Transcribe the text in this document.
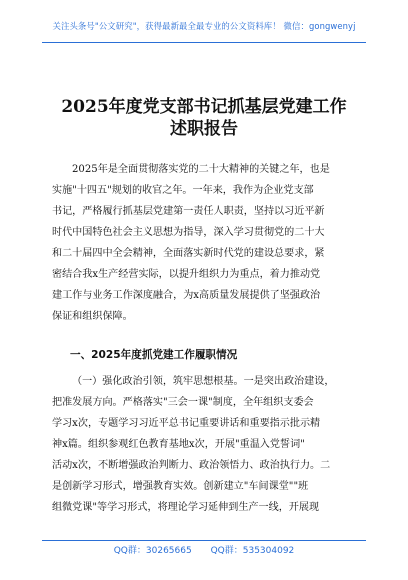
关注头条号"公文研究"，获得最新最全最专业的公文资料库！ 微信：gongwenyj
2025年度党支部书记抓基层党建工作
述职报告
2025年是全面贯彻落实党的二十大精神的关键之年，也是
实施"十四五"规划的收官之年。一年来，我作为企业党支部
书记，严格履行抓基层党建第一责任人职责，坚持以习近平新
时代中国特色社会主义思想为指导，深入学习贯彻党的二十大
和二十届四中全会精神，全面落实新时代党的建设总要求，紧
密结合我x生产经营实际，以提升组织力为重点，着力推动党
建工作与业务工作深度融合，为x高质量发展提供了坚强政治
保证和组织保障。
一、2025年度抓党建工作履职情况
（一）强化政治引领，筑牢思想根基。一是突出政治建设，
把准发展方向。严格落实"三会一课"制度，全年组织支委会
学习x次，专题学习习近平总书记重要讲话和重要指示批示精
神x篇。组织参观红色教育基地x次，开展"重温入党誓词"
活动x次，不断增强政治判断力、政治领悟力、政治执行力。二
是创新学习形式，增强教育实效。创新建立"车间课堂""班
组微党课"等学习形式，将理论学习延伸到生产一线，开展现
QQ群：30265665 QQ群：535304092
